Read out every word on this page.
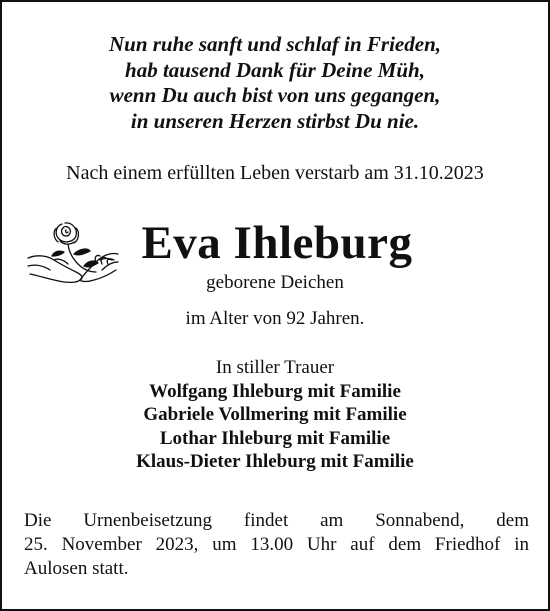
Nun ruhe sanft und schlaf in Frieden,
hab tausend Dank für Deine Müh,
wenn Du auch bist von uns gegangen,
in unseren Herzen stirbst Du nie.
Nach einem erfüllten Leben verstarb am 31.10.2023
Eva Ihleburg
geborene Deichen
im Alter von 92 Jahren.
In stiller Trauer
Wolfgang Ihleburg mit Familie
Gabriele Vollmering mit Familie
Lothar Ihleburg mit Familie
Klaus-Dieter Ihleburg mit Familie
Die Urnenbeisetzung findet am Sonnabend, dem
25. November 2023, um 13.00 Uhr auf dem Friedhof in
Aulosen statt.
